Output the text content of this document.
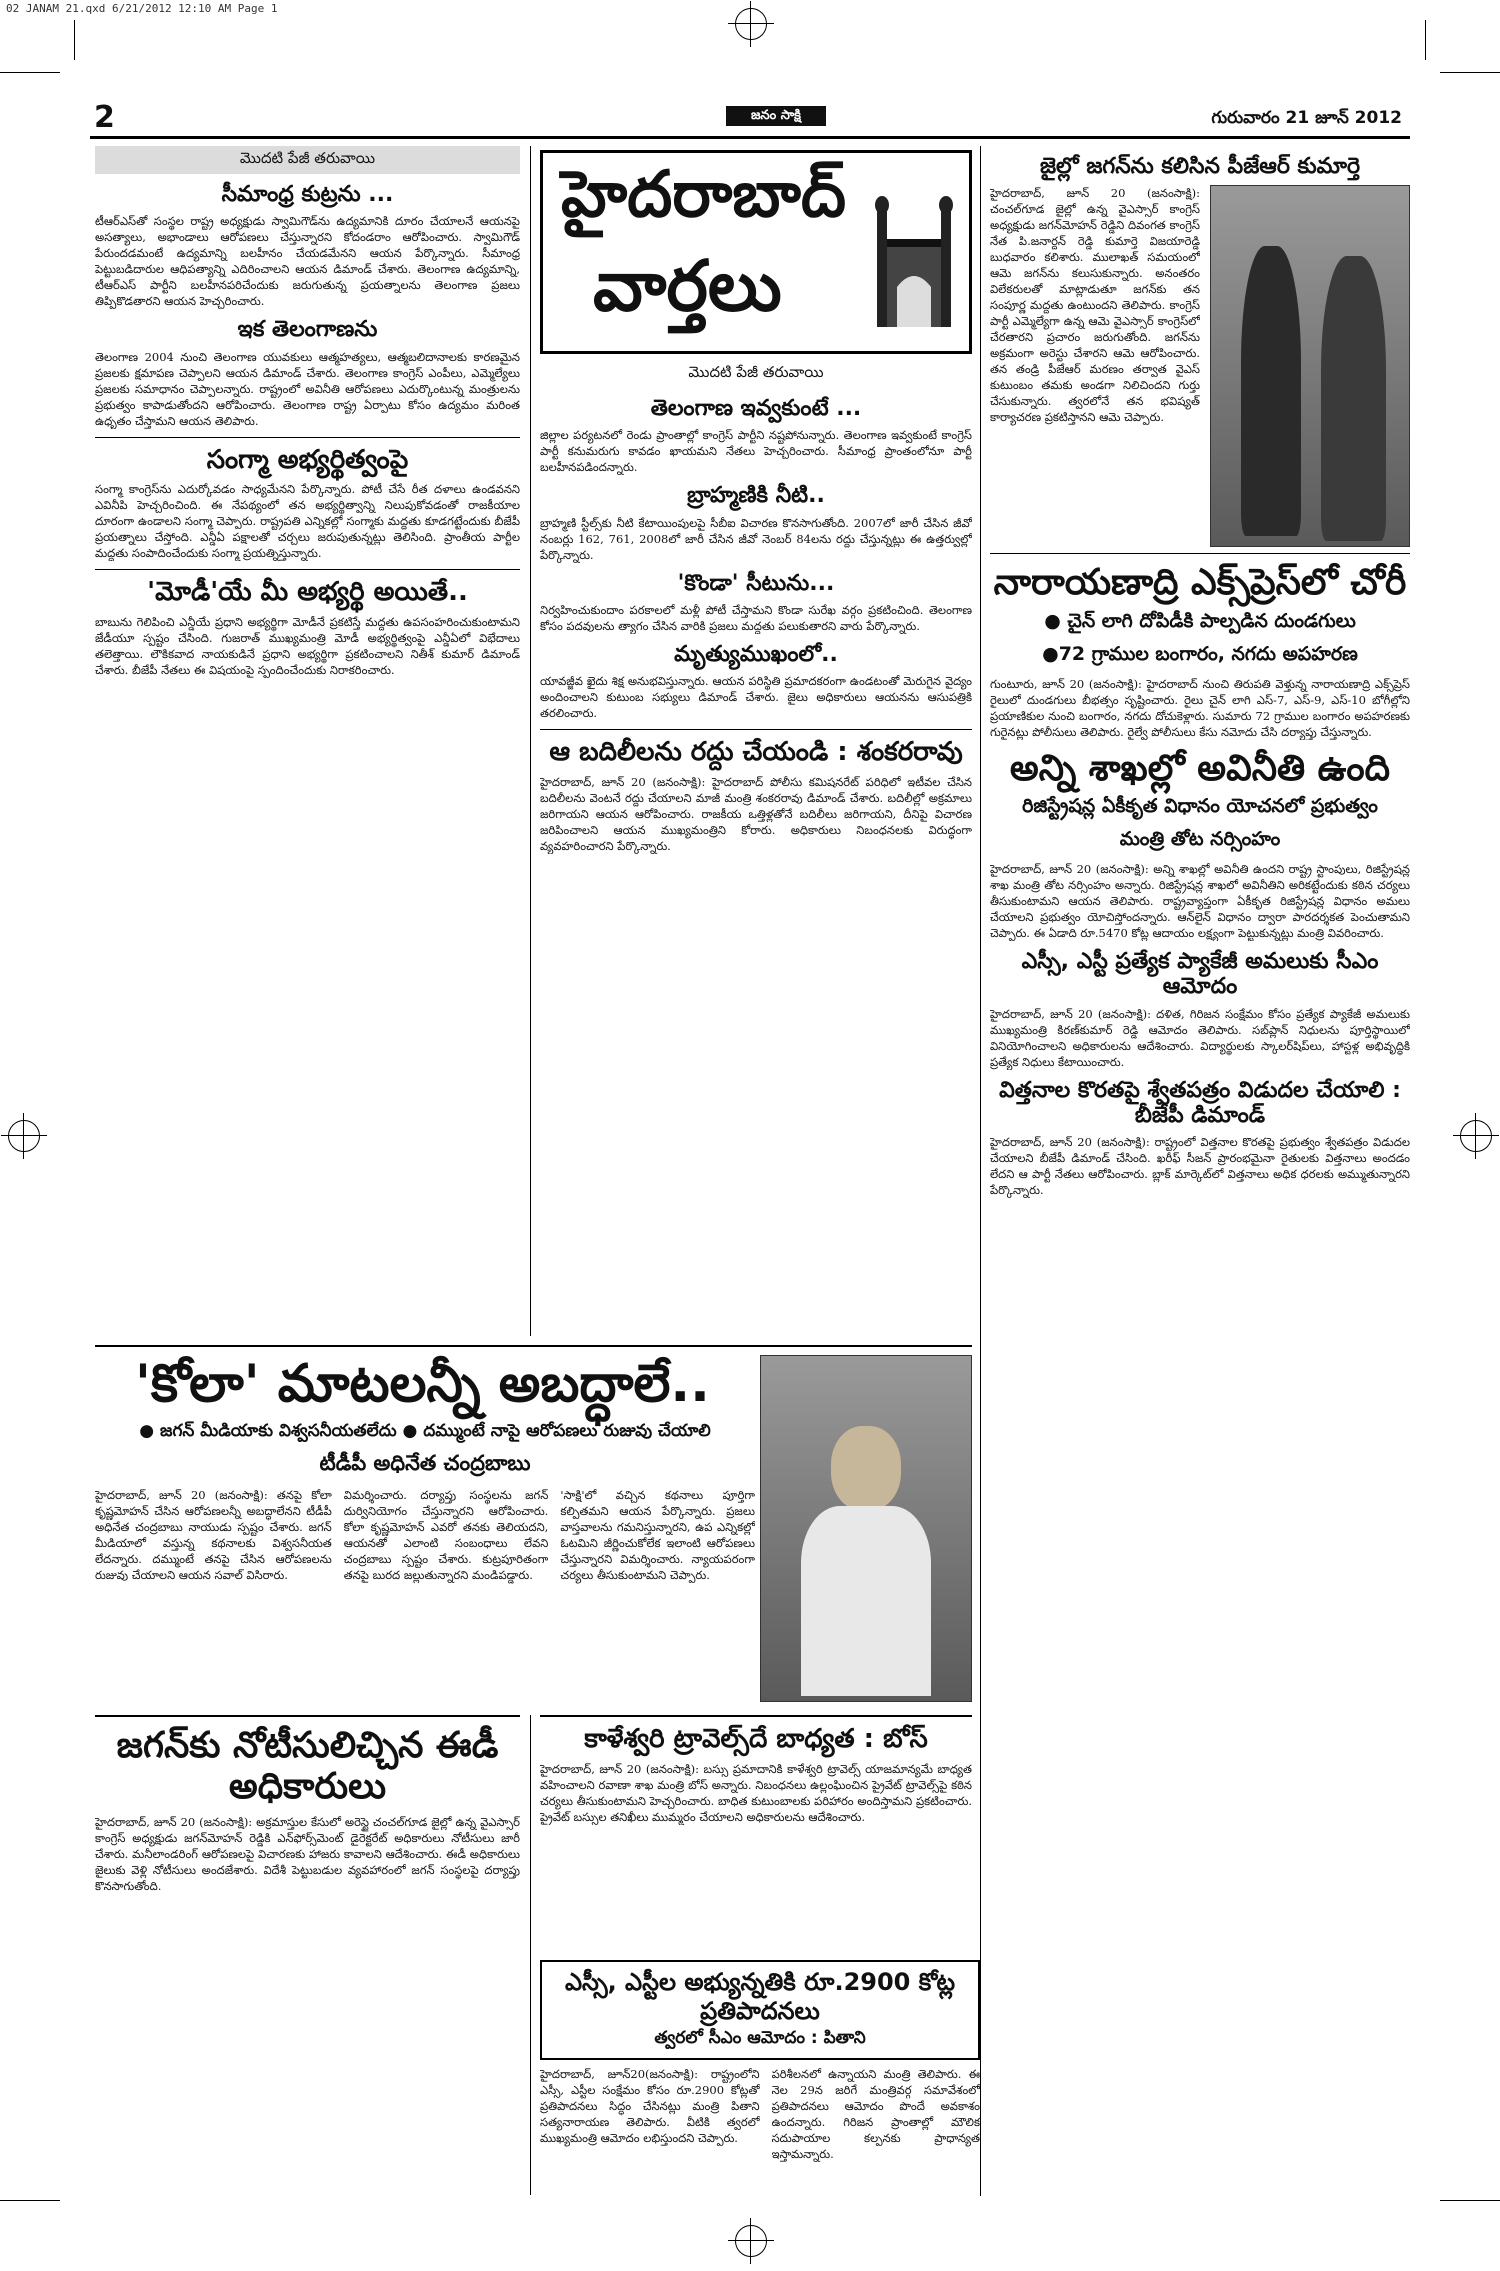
02 JANAM 21.qxd 6/21/2012 12:10 AM Page 1
2	జనం సాక్షి	గురువారం 21 జూన్ 2012
మొదటి పేజీ తరువాయి
సీమాంధ్ర కుట్రను ...

టీఆర్ఎస్‌తో సంస్థల రాష్ట్ర అధ్యక్షుడు స్వామిగౌడ్‌ను ఉద్యమానికి దూరం చేయాలనే ఆయనపై అసత్యాలు, అభాండాలు ఆరోపణలు చేస్తున్నారని కోదండరాం ఆరోపించారు. స్వామిగౌడ్ పేరుందడమంటే ఉద్యమాన్ని బలహీనం చేయడమేనని ఆయన పేర్కొన్నారు. సీమాంధ్ర పెట్టుబడిదారుల ఆధిపత్యాన్ని ఎదిరించాలని ఆయన డిమాండ్ చేశారు. తెలంగాణ ఉద్యమాన్ని, టీఆర్ఎస్ పార్టీని బలహీనపరిచేందుకు జరుగుతున్న ప్రయత్నాలను తెలంగాణ ప్రజలు తిప్పికొడతారని ఆయన హెచ్చరించారు.

ఇక తెలంగాణను

తెలంగాణ 2004 నుంచి తెలంగాణ యువకులు ఆత్మహత్యలు, ఆత్మబలిదానాలకు కారణమైన ప్రజలకు క్షమాపణ చెప్పాలని ఆయన డిమాండ్ చేశారు. తెలంగాణ కాంగ్రెస్ ఎంపీలు, ఎమ్మెల్యేలు ప్రజలకు సమాధానం చెప్పాలన్నారు. రాష్ట్రంలో అవినీతి ఆరోపణలు ఎదుర్కొంటున్న మంత్రులను ప్రభుత్వం కాపాడుతోందని ఆరోపించారు. తెలంగాణ రాష్ట్ర ఏర్పాటు కోసం ఉద్యమం మరింత ఉధృతం చేస్తామని ఆయన తెలిపారు.

సంగ్మా అభ్యర్థిత్వంపై

సంగ్మా కాంగ్రెస్‌ను ఎదుర్కోవడం సాధ్యమేనని పేర్కొన్నారు. పోటీ చేసే రీత దళాలు ఉండవనని ఎవినీపి హెచ్చరించింది. ఈ నేపథ్యంలో తన అభ్యర్థిత్వాన్ని నిలుపుకోవడంతో రాజకీయాల దూరంగా ఉండాలని సంగ్మా చెప్పారు. రాష్ట్రపతి ఎన్నికల్లో సంగ్మాకు మద్దతు కూడగట్టేందుకు బీజేపీ ప్రయత్నాలు చేస్తోంది. ఎన్డీఏ పక్షాలతో చర్చలు జరుపుతున్నట్లు తెలిసింది. ప్రాంతీయ పార్టీల మద్దతు సంపాదించేందుకు సంగ్మా ప్రయత్నిస్తున్నారు.

'మోడీ'యే మీ అభ్యర్థి అయితే..

బాబును గెలిపించి ఎన్డీయే ప్రధాని అభ్యర్థిగా మోడీనే ప్రకటిస్తే మద్దతు ఉపసంహరించుకుంటామని జేడీయూ స్పష్టం చేసింది. గుజరాత్ ముఖ్యమంత్రి మోడీ అభ్యర్థిత్వంపై ఎన్డీఏలో విభేదాలు తలెత్తాయి. లౌకికవాద నాయకుడినే ప్రధాని అభ్యర్థిగా ప్రకటించాలని నితీశ్ కుమార్ డిమాండ్ చేశారు. బీజేపీ నేతలు ఈ విషయంపై స్పందించేందుకు నిరాకరించారు.

హైదరాబాద్
వార్తలు
మొదటి పేజీ తరువాయి
తెలంగాణ ఇవ్వకుంటే ...

జిల్లాల పర్యటనలో రెండు ప్రాంతాల్లో కాంగ్రెస్ పార్టీని నష్టపోనున్నారు. తెలంగాణ ఇవ్వకుంటే కాంగ్రెస్ పార్టీ కనుమరుగు కావడం ఖాయమని నేతలు హెచ్చరించారు. సీమాంధ్ర ప్రాంతంలోనూ పార్టీ బలహీనపడిందన్నారు.

బ్రాహ్మణికి నీటి..

బ్రాహ్మణి స్టీల్స్‌కు నీటి కేటాయింపులపై సీబీఐ విచారణ కొనసాగుతోంది. 2007లో జారీ చేసిన జీవో నంబర్లు 162, 761, 2008లో జారీ చేసిన జీవో నెంబర్ 84లను రద్దు చేస్తున్నట్లు ఈ ఉత్తర్వుల్లో పేర్కొన్నారు.

'కొండా' సీటును...

నిర్వహించుకుందాం పరకాలలో మళ్లీ పోటీ చేస్తామని కొండా సురేఖ వర్గం ప్రకటించింది. తెలంగాణ కోసం పదవులను త్యాగం చేసిన వారికి ప్రజలు మద్దతు పలుకుతారని వారు పేర్కొన్నారు.

మృత్యుముఖంలో..

యావజ్జీవ ఖైదు శిక్ష అనుభవిస్తున్నారు. ఆయన పరిస్థితి ప్రమాదకరంగా ఉండటంతో మెరుగైన వైద్యం అందించాలని కుటుంబ సభ్యులు డిమాండ్ చేశారు. జైలు అధికారులు ఆయనను ఆసుపత్రికి తరలించారు.

ఆ బదిలీలను రద్దు చేయండి : శంకరరావు

హైదరాబాద్, జూన్ 20 (జనంసాక్షి): హైదరాబాద్ పోలీసు కమిషనరేట్ పరిధిలో ఇటీవల చేసిన బదిలీలను వెంటనే రద్దు చేయాలని మాజీ మంత్రి శంకరరావు డిమాండ్ చేశారు. బదిలీల్లో అక్రమాలు జరిగాయని ఆయన ఆరోపించారు. రాజకీయ ఒత్తిళ్లతోనే బదిలీలు జరిగాయని, దీనిపై విచారణ జరిపించాలని ఆయన ముఖ్యమంత్రిని కోరారు. అధికారులు నిబంధనలకు విరుద్ధంగా వ్యవహరించారని పేర్కొన్నారు.

జైల్లో జగన్‌ను కలిసిన పీజేఆర్ కుమార్తె

హైదరాబాద్, జూన్ 20 (జనంసాక్షి): చంచల్‌గూడ జైల్లో ఉన్న వైఎస్సార్ కాంగ్రెస్ అధ్యక్షుడు జగన్‌మోహన్ రెడ్డిని దివంగత కాంగ్రెస్ నేత పి.జనార్దన్ రెడ్డి కుమార్తె విజయారెడ్డి బుధవారం కలిశారు. ములాఖత్ సమయంలో ఆమె జగన్‌ను కలుసుకున్నారు. అనంతరం విలేకరులతో మాట్లాడుతూ జగన్‌కు తన సంపూర్ణ మద్దతు ఉంటుందని తెలిపారు. కాంగ్రెస్ పార్టీ ఎమ్మెల్యేగా ఉన్న ఆమె వైఎస్సార్ కాంగ్రెస్‌లో చేరతారని ప్రచారం జరుగుతోంది. జగన్‌ను అక్రమంగా అరెస్టు చేశారని ఆమె ఆరోపించారు. తన తండ్రి పీజేఆర్ మరణం తర్వాత వైఎస్ కుటుంబం తమకు అండగా నిలిచిందని గుర్తు చేసుకున్నారు. త్వరలోనే తన భవిష్యత్ కార్యాచరణ ప్రకటిస్తానని ఆమె చెప్పారు.

నారాయణాద్రి ఎక్స్‌ప్రెస్‌లో చోరీ
● చైన్ లాగి దోపిడీకి పాల్పడిన దుండగులు
●72 గ్రాముల బంగారం, నగదు అపహరణ

గుంటూరు, జూన్ 20 (జనంసాక్షి): హైదరాబాద్ నుంచి తిరుపతి వెళ్తున్న నారాయణాద్రి ఎక్స్‌ప్రెస్ రైలులో దుండగులు బీభత్సం సృష్టించారు. రైలు చైన్ లాగి ఎస్-7, ఎస్-9, ఎస్-10 బోగీల్లోని ప్రయాణికుల నుంచి బంగారం, నగదు దోచుకెళ్లారు. సుమారు 72 గ్రాముల బంగారం అపహరణకు గురైనట్లు పోలీసులు తెలిపారు. రైల్వే పోలీసులు కేసు నమోదు చేసి దర్యాప్తు చేస్తున్నారు.

అన్ని శాఖల్లో అవినీతి ఉంది
రిజిస్ట్రేషన్ల ఏకీకృత విధానం యోచనలో ప్రభుత్వం
మంత్రి తోట నర్సింహం

హైదరాబాద్, జూన్ 20 (జనంసాక్షి): అన్ని శాఖల్లో అవినీతి ఉందని రాష్ట్ర స్టాంపులు, రిజిస్ట్రేషన్ల శాఖ మంత్రి తోట నర్సింహం అన్నారు. రిజిస్ట్రేషన్ల శాఖలో అవినీతిని అరికట్టేందుకు కఠిన చర్యలు తీసుకుంటామని ఆయన తెలిపారు. రాష్ట్రవ్యాప్తంగా ఏకీకృత రిజిస్ట్రేషన్ల విధానం అమలు చేయాలని ప్రభుత్వం యోచిస్తోందన్నారు. ఆన్‌లైన్ విధానం ద్వారా పారదర్శకత పెంచుతామని చెప్పారు. ఈ ఏడాది రూ.5470 కోట్ల ఆదాయం లక్ష్యంగా పెట్టుకున్నట్లు మంత్రి వివరించారు.

ఎస్సీ, ఎస్టీ ప్రత్యేక ప్యాకేజీ అమలుకు సీఎం ఆమోదం

హైదరాబాద్, జూన్ 20 (జనంసాక్షి): దళిత, గిరిజన సంక్షేమం కోసం ప్రత్యేక ప్యాకేజీ అమలుకు ముఖ్యమంత్రి కిరణ్‌కుమార్ రెడ్డి ఆమోదం తెలిపారు. సబ్‌ప్లాన్ నిధులను పూర్తిస్థాయిలో వినియోగించాలని అధికారులను ఆదేశించారు. విద్యార్థులకు స్కాలర్‌షిప్‌లు, హాస్టళ్ల అభివృద్ధికి ప్రత్యేక నిధులు కేటాయించారు.

విత్తనాల కొరతపై శ్వేతపత్రం విడుదల చేయాలి : బీజేపీ డిమాండ్

హైదరాబాద్, జూన్ 20 (జనంసాక్షి): రాష్ట్రంలో విత్తనాల కొరతపై ప్రభుత్వం శ్వేతపత్రం విడుదల చేయాలని బీజేపీ డిమాండ్ చేసింది. ఖరీఫ్ సీజన్ ప్రారంభమైనా రైతులకు విత్తనాలు అందడం లేదని ఆ పార్టీ నేతలు ఆరోపించారు. బ్లాక్ మార్కెట్‌లో విత్తనాలు అధిక ధరలకు అమ్ముతున్నారని పేర్కొన్నారు.

'కోలా' మాటలన్నీ అబద్ధాలే..
● జగన్ మీడియాకు విశ్వసనీయతలేదు ● దమ్ముంటే నాపై ఆరోపణలు రుజువు చేయాలి
టీడీపీ అధినేత చంద్రబాబు

హైదరాబాద్, జూన్ 20 (జనంసాక్షి): తనపై కోలా కృష్ణమోహన్ చేసిన ఆరోపణలన్నీ అబద్ధాలేనని టీడీపీ అధినేత చంద్రబాబు నాయుడు స్పష్టం చేశారు. జగన్ మీడియాలో వస్తున్న కథనాలకు విశ్వసనీయత లేదన్నారు. దమ్ముంటే తనపై చేసిన ఆరోపణలను రుజువు చేయాలని ఆయన సవాల్ విసిరారు.

విమర్శించారు. దర్యాప్తు సంస్థలను జగన్ దుర్వినియోగం చేస్తున్నారని ఆరోపించారు. కోలా కృష్ణమోహన్ ఎవరో తనకు తెలియదని, ఆయనతో ఎలాంటి సంబంధాలు లేవని చంద్రబాబు స్పష్టం చేశారు. కుట్రపూరితంగా తనపై బురద జల్లుతున్నారని మండిపడ్డారు.

'సాక్షి'లో వచ్చిన కథనాలు పూర్తిగా కల్పితమని ఆయన పేర్కొన్నారు. ప్రజలు వాస్తవాలను గమనిస్తున్నారని, ఉప ఎన్నికల్లో ఓటమిని జీర్ణించుకోలేక ఇలాంటి ఆరోపణలు చేస్తున్నారని విమర్శించారు. న్యాయపరంగా చర్యలు తీసుకుంటామని చెప్పారు.

జగన్‌కు నోటీసులిచ్చిన ఈడీ అధికారులు

హైదరాబాద్, జూన్ 20 (జనంసాక్షి): అక్రమాస్తుల కేసులో అరెస్టై చంచల్‌గూడ జైల్లో ఉన్న వైఎస్సార్ కాంగ్రెస్ అధ్యక్షుడు జగన్‌మోహన్ రెడ్డికి ఎన్‌ఫోర్స్‌మెంట్ డైరెక్టరేట్ అధికారులు నోటీసులు జారీ చేశారు. మనీలాండరింగ్ ఆరోపణలపై విచారణకు హాజరు కావాలని ఆదేశించారు. ఈడీ అధికారులు జైలుకు వెళ్లి నోటీసులు అందజేశారు. విదేశీ పెట్టుబడుల వ్యవహారంలో జగన్ సంస్థలపై దర్యాప్తు కొనసాగుతోంది.

కాళేశ్వరి ట్రావెల్స్‌దే బాధ్యత : బోస్

హైదరాబాద్, జూన్ 20 (జనంసాక్షి): బస్సు ప్రమాదానికి కాళేశ్వరి ట్రావెల్స్ యాజమాన్యమే బాధ్యత వహించాలని రవాణా శాఖ మంత్రి బోస్ అన్నారు. నిబంధనలు ఉల్లంఘించిన ప్రైవేట్ ట్రావెల్స్‌పై కఠిన చర్యలు తీసుకుంటామని హెచ్చరించారు. బాధిత కుటుంబాలకు పరిహారం అందిస్తామని ప్రకటించారు. ప్రైవేట్ బస్సుల తనిఖీలు ముమ్మరం చేయాలని అధికారులను ఆదేశించారు.

ఎస్సీ, ఎస్టీల అభ్యున్నతికి రూ.2900 కోట్ల ప్రతిపాదనలు
త్వరలో సీఎం ఆమోదం : పితాని

హైదరాబాద్, జూన్20(జనంసాక్షి): రాష్ట్రంలోని ఎస్సీ, ఎస్టీల సంక్షేమం కోసం రూ.2900 కోట్లతో ప్రతిపాదనలు సిద్ధం చేసినట్లు మంత్రి పితాని సత్యనారాయణ తెలిపారు. వీటికి త్వరలో ముఖ్యమంత్రి ఆమోదం లభిస్తుందని చెప్పారు.

పరిశీలనలో ఉన్నాయని మంత్రి తెలిపారు. ఈ నెల 29న జరిగే మంత్రివర్గ సమావేశంలో ప్రతిపాదనలు ఆమోదం పొందే అవకాశం ఉందన్నారు. గిరిజన ప్రాంతాల్లో మౌలిక సదుపాయాల కల్పనకు ప్రాధాన్యత ఇస్తామన్నారు.
